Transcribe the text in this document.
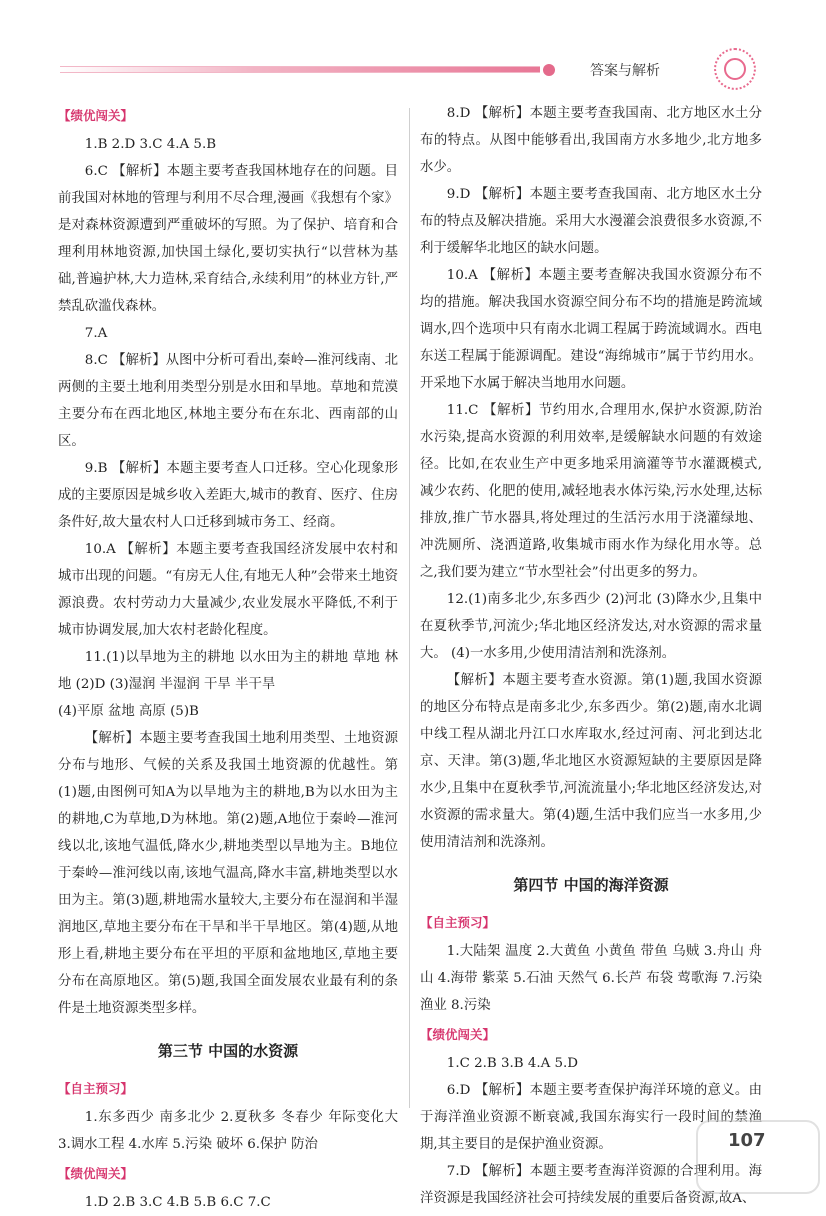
答案与解析
【绩优闯关】

1.B 2.D 3.C 4.A 5.B

6.C 【解析】本题主要考查我国林地存在的问题。目前我国对林地的管理与利用不尽合理,漫画《我想有个家》是对森林资源遭到严重破坏的写照。为了保护、培育和合理利用林地资源,加快国土绿化,要切实执行“以营林为基础,普遍护林,大力造林,采育结合,永续利用”的林业方针,严禁乱砍滥伐森林。

7.A

8.C 【解析】从图中分析可看出,秦岭—淮河线南、北两侧的主要土地利用类型分别是水田和旱地。草地和荒漠主要分布在西北地区,林地主要分布在东北、西南部的山区。

9.B 【解析】本题主要考查人口迁移。空心化现象形成的主要原因是城乡收入差距大,城市的教育、医疗、住房条件好,故大量农村人口迁移到城市务工、经商。

10.A 【解析】本题主要考查我国经济发展中农村和城市出现的问题。“有房无人住,有地无人种”会带来土地资源浪费。农村劳动力大量减少,农业发展水平降低,不利于城市协调发展,加大农村老龄化程度。

11.(1)以旱地为主的耕地 以水田为主的耕地 草地 林地 (2)D (3)湿润 半湿润 干旱 半干旱

(4)平原 盆地 高原 (5)B

【解析】本题主要考查我国土地利用类型、土地资源分布与地形、气候的关系及我国土地资源的优越性。第(1)题,由图例可知A为以旱地为主的耕地,B为以水田为主的耕地,C为草地,D为林地。第(2)题,A地位于秦岭—淮河线以北,该地气温低,降水少,耕地类型以旱地为主。B地位于秦岭—淮河线以南,该地气温高,降水丰富,耕地类型以水田为主。第(3)题,耕地需水量较大,主要分布在湿润和半湿润地区,草地主要分布在干旱和半干旱地区。第(4)题,从地形上看,耕地主要分布在平坦的平原和盆地地区,草地主要分布在高原地区。第(5)题,我国全面发展农业最有利的条件是土地资源类型多样。

第三节 中国的水资源
【自主预习】

1.东多西少 南多北少 2.夏秋多 冬春少 年际变化大 3.调水工程 4.水库 5.污染 破坏 6.保护 防治

【绩优闯关】

1.D 2.B 3.C 4.B 5.B 6.C 7.C

8.D 【解析】本题主要考查我国南、北方地区水土分布的特点。从图中能够看出,我国南方水多地少,北方地多水少。

9.D 【解析】本题主要考查我国南、北方地区水土分布的特点及解决措施。采用大水漫灌会浪费很多水资源,不利于缓解华北地区的缺水问题。

10.A 【解析】本题主要考查解决我国水资源分布不均的措施。解决我国水资源空间分布不均的措施是跨流域调水,四个选项中只有南水北调工程属于跨流域调水。西电东送工程属于能源调配。建设“海绵城市”属于节约用水。开采地下水属于解决当地用水问题。

11.C 【解析】节约用水,合理用水,保护水资源,防治水污染,提高水资源的利用效率,是缓解缺水问题的有效途径。比如,在农业生产中更多地采用滴灌等节水灌溉模式,减少农药、化肥的使用,减轻地表水体污染,污水处理,达标排放,推广节水器具,将处理过的生活污水用于浇灌绿地、冲洗厕所、浇洒道路,收集城市雨水作为绿化用水等。总之,我们要为建立“节水型社会”付出更多的努力。

12.(1)南多北少,东多西少 (2)河北 (3)降水少,且集中在夏秋季节,河流少;华北地区经济发达,对水资源的需求量大。 (4)一水多用,少使用清洁剂和洗涤剂。

【解析】本题主要考查水资源。第(1)题,我国水资源的地区分布特点是南多北少,东多西少。第(2)题,南水北调中线工程从湖北丹江口水库取水,经过河南、河北到达北京、天津。第(3)题,华北地区水资源短缺的主要原因是降水少,且集中在夏秋季节,河流流量小;华北地区经济发达,对水资源的需求量大。第(4)题,生活中我们应当一水多用,少使用清洁剂和洗涤剂。

第四节 中国的海洋资源
【自主预习】

1.大陆架 温度 2.大黄鱼 小黄鱼 带鱼 乌贼 3.舟山 舟山 4.海带 紫菜 5.石油 天然气 6.长芦 布袋 莺歌海 7.污染 渔业 8.污染

【绩优闯关】

1.C 2.B 3.B 4.A 5.D

6.D 【解析】本题主要考查保护海洋环境的意义。由于海洋渔业资源不断衰减,我国东海实行一段时间的禁渔期,其主要目的是保护渔业资源。

7.D 【解析】本题主要考查海洋资源的合理利用。海洋资源是我国经济社会可持续发展的重要后备资源,故A、

107
